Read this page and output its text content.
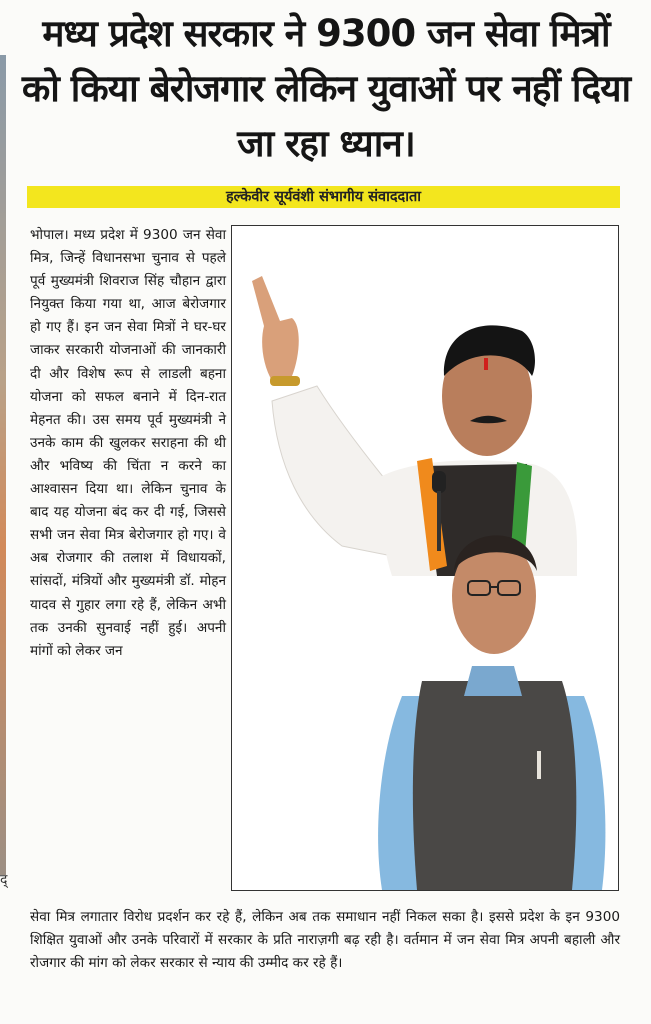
द्
मध्य प्रदेश सरकार ने 9300 जन सेवा मित्रों को किया बेरोजगार लेकिन युवाओं पर नहीं दिया जा रहा ध्यान।
हल्केवीर सूर्यवंशी संभागीय संवाददाता

भोपाल। मध्य प्रदेश में 9300 जन सेवा मित्र, जिन्हें विधानसभा चुनाव से पहले पूर्व मुख्यमंत्री शिवराज सिंह चौहान द्वारा नियुक्त किया गया था, आज बेरोजगार हो गए हैं। इन जन सेवा मित्रों ने घर-घर जाकर सरकारी योजनाओं की जानकारी दी और विशेष रूप से लाडली बहना योजना को सफल बनाने में दिन-रात मेहनत की। उस समय पूर्व मुख्यमंत्री ने उनके काम की खुलकर सराहना की थी और भविष्य की चिंता न करने का आश्वासन दिया था। लेकिन चुनाव के बाद यह योजना बंद कर दी गई, जिससे सभी जन सेवा मित्र बेरोजगार हो गए। वे अब रोजगार की तलाश में विधायकों, सांसदों, मंत्रियों और मुख्यमंत्री डॉ. मोहन यादव से गुहार लगा रहे हैं, लेकिन अभी तक उनकी सुनवाई नहीं हुई। अपनी मांगों को लेकर जन

सेवा मित्र लगातार विरोध प्रदर्शन कर रहे हैं, लेकिन अब तक समाधान नहीं निकल सका है। इससे प्रदेश के इन 9300 शिक्षित युवाओं और उनके परिवारों में सरकार के प्रति नाराज़गी बढ़ रही है। वर्तमान में जन सेवा मित्र अपनी बहाली और रोजगार की मांग को लेकर सरकार से न्याय की उम्मीद कर रहे हैं।
